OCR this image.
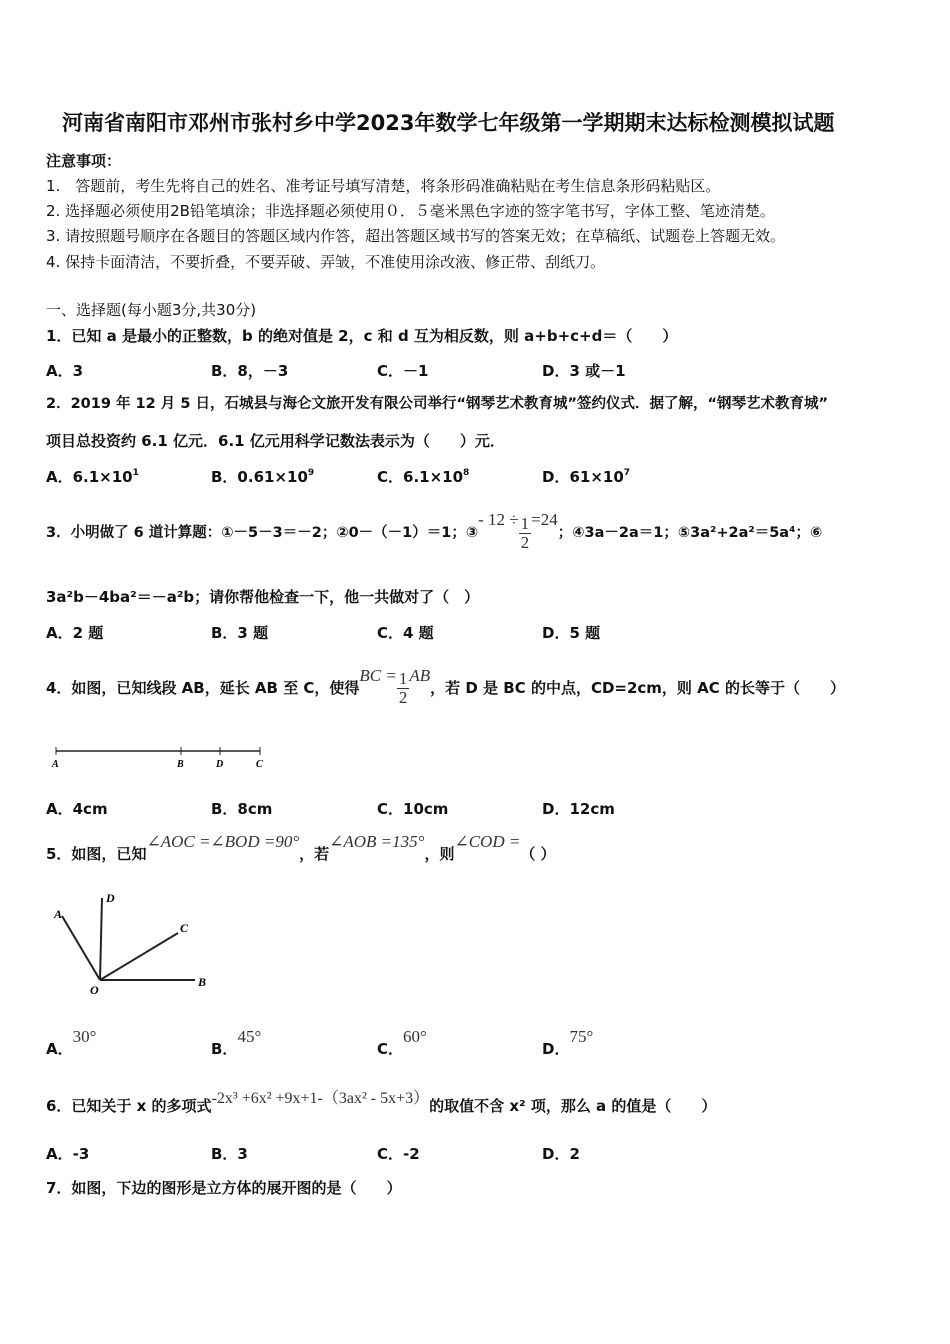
河南省南阳市邓州市张村乡中学2023年数学七年级第一学期期末达标检测模拟试题
注意事项：
1.　答题前，考生先将自己的姓名、准考证号填写清楚，将条形码准确粘贴在考生信息条形码粘贴区。
2. 选择题必须使用2B铅笔填涂；非选择题必须使用０．５毫米黑色字迹的签字笔书写，字体工整、笔迹清楚。
3. 请按照题号顺序在各题目的答题区域内作答，超出答题区域书写的答案无效；在草稿纸、试题卷上答题无效。
4. 保持卡面清洁，不要折叠，不要弄破、弄皱，不准使用涂改液、修正带、刮纸刀。
一、选择题(每小题3分,共30分)
1．已知 a 是最小的正整数，b 的绝对值是 2，c 和 d 互为相反数，则 a+b+c+d＝（　　）
A．3	B．8，－3	C．－1	D．3 或－1
2．2019 年 12 月 5 日，石城县与海仑文旅开发有限公司举行“钢琴艺术教育城”签约仪式．据了解，“钢琴艺术教育城”
项目总投资约 6.1 亿元．6.1 亿元用科学记数法表示为（　　）元．
A．$6.1\times 10^1$	B．$0.61\times 10^9$	C．$6.1\times 10^8$	D．$61\times 10^7$
3．小明做了 6 道计算题：①－5－3＝－2；②0－（－1）＝1；③- $12 \div \frac{1}{2} =24$；④3a－2a＝1；⑤3a²+2a²＝5a⁴；⑥
3a²b－4ba²＝－a²b；请你帮他检查一下，他一共做对了（　）
A．2 题	B．3 题	C．4 题	D．5 题
4．如图，已知线段 AB，延长 AB 至 C，使得BC = $\frac{1}{2}$ AB，若 D 是 BC 的中点，CD=2cm，则 AC 的长等于（　　）
A	B	D	C
A．4cm	B．8cm	C．10cm	D．12cm
5．如图，已知∠AOC =∠BOD =90°，若∠AOB =135°，则∠COD =（ ）
A
D
C
O
B
A．30°
B．45°
C．60°
D．75°
6．已知关于 x 的多项式-2x³ +6x² +9x+1-（3ax² - 5x+3）的取值不含 x² 项，那么 a 的值是（　　）
A．-3	B．3	C．-2	D．2
7．如图，下边的图形是立方体的展开图的是（　　）
